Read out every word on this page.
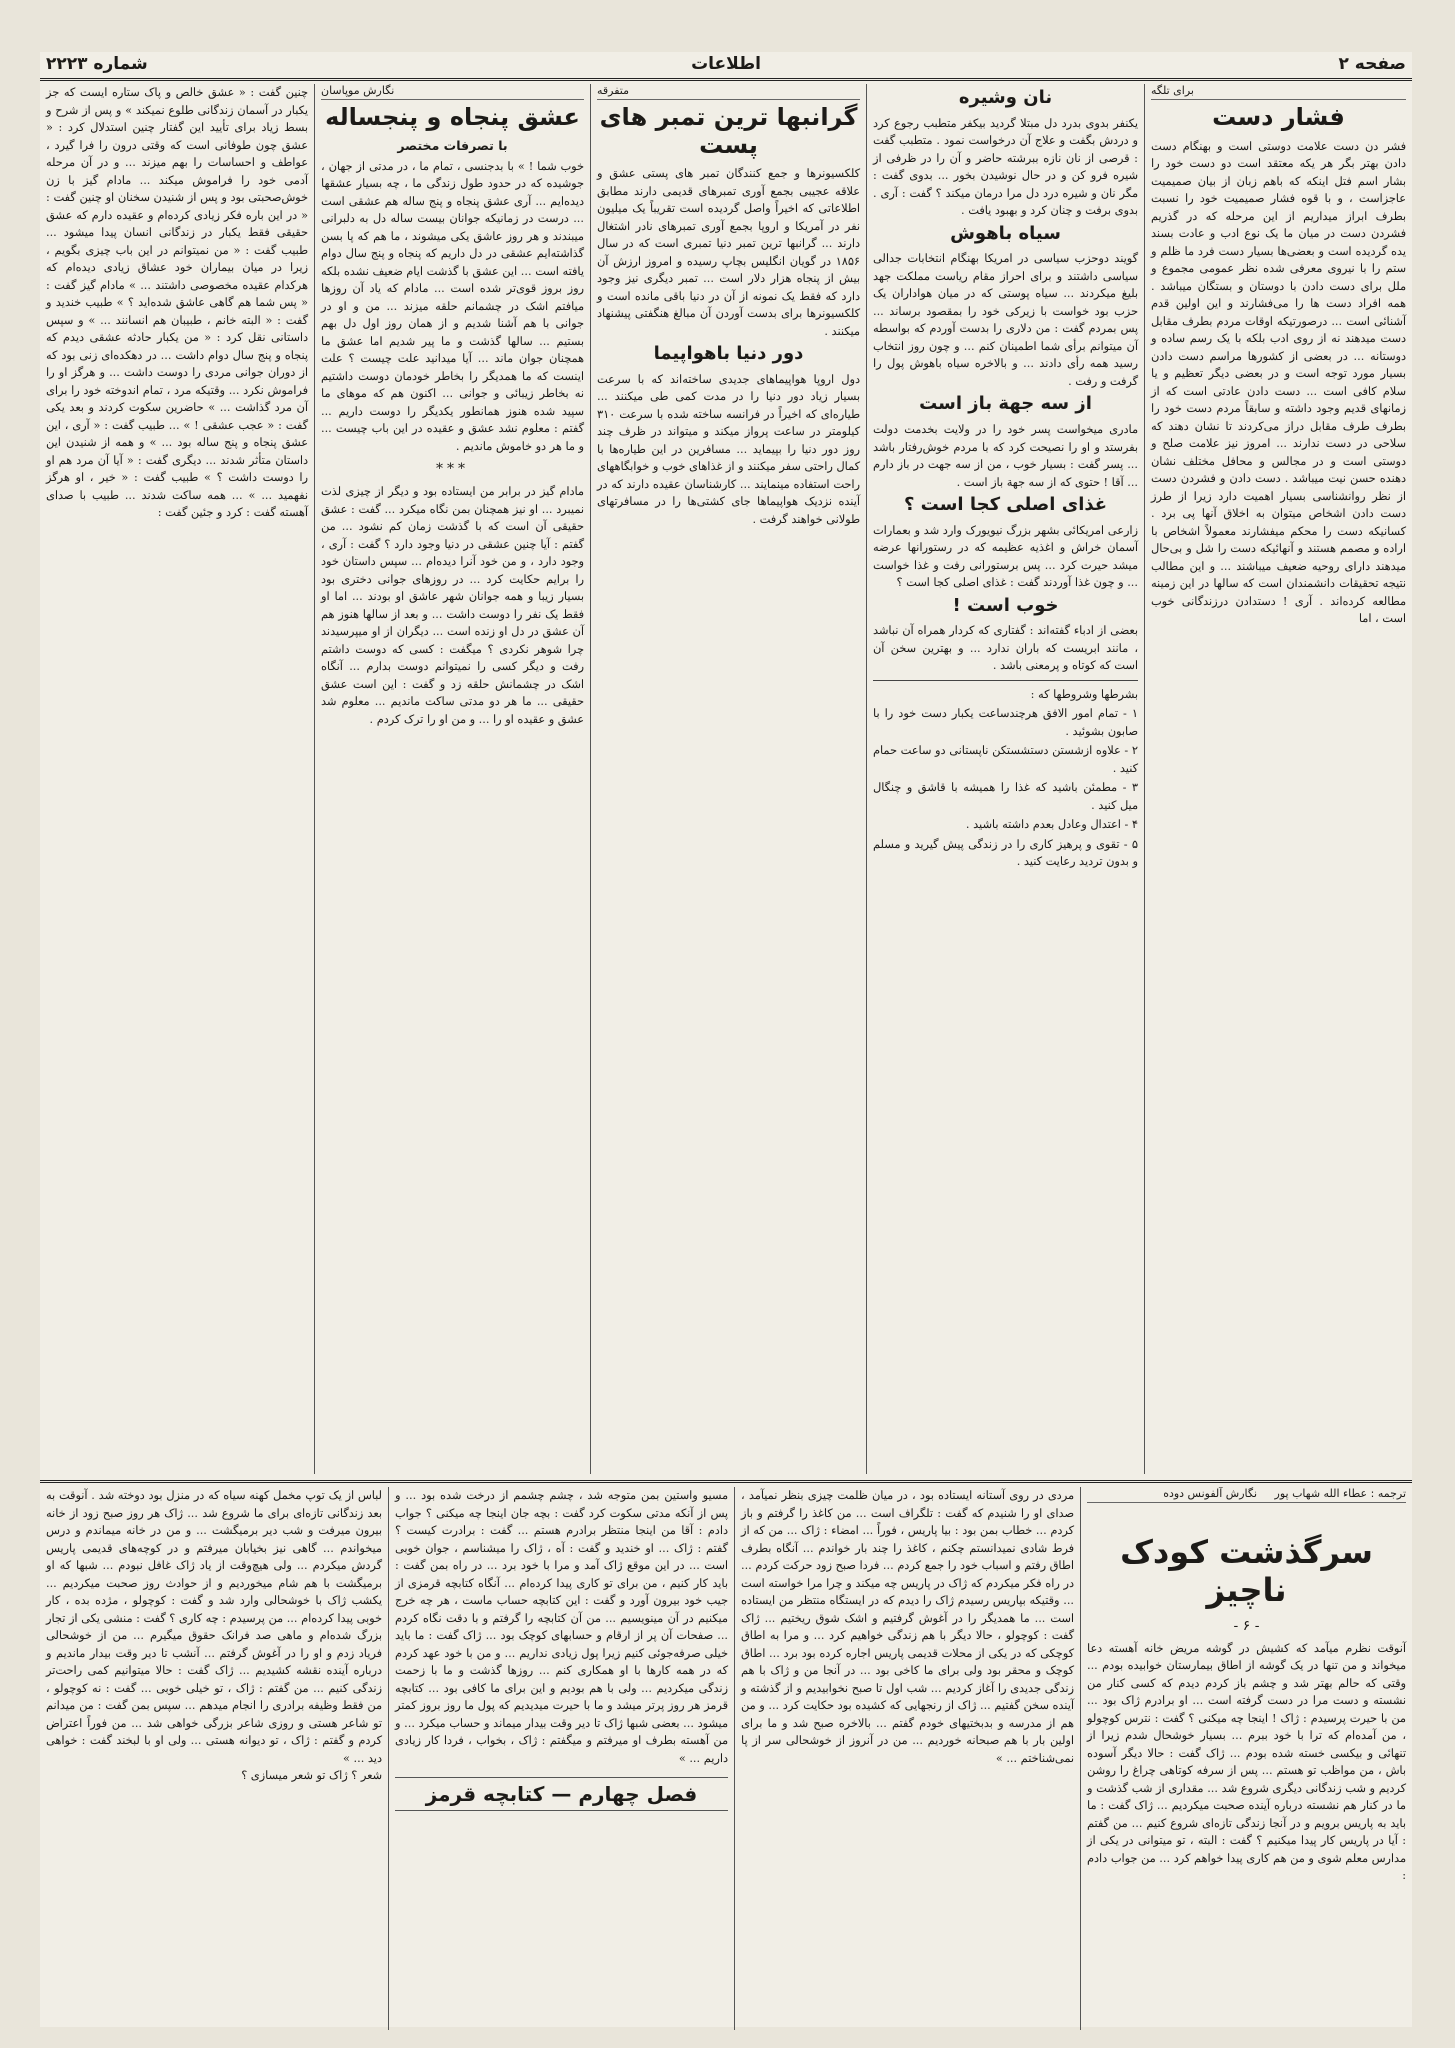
صفحه ۲
اطلاعات
شماره ۲۲۲۳
برای تلگه
فشار دست

فشر دن دست علامت دوستی است و بهنگام دست دادن بهتر بگر هر یکه معتقد است دو دست خود را بشار اسم فتل اینکه که باهم زبان از بیان صمیمیت عاجزاست ، و با قوه فشار صمیمیت خود را نسبت بطرف ابراز میداریم از این مرحله که در گذریم فشردن دست در میان ما یک نوع ادب و عادت بسند یده گردیده است و بعضی‌ها بسیار دست فرد ما ظلم و ستم را با نیروی معرفی شده نظر عمومی مجموع و ملل برای دست دادن با دوستان و بستگان میباشد . همه افراد دست ها را می‌فشارند و این اولین قدم آشنائی است ... درصورتیکه اوقات مردم بطرف مقابل دست میدهند نه از روی ادب بلکه با یک رسم ساده و دوستانه ... در بعضی از کشورها مراسم دست دادن بسیار مورد توجه است و در بعضی دیگر تعظیم و یا سلام کافی است ... دست دادن عادتی است که از زمانهای قدیم وجود داشته و سابقاً مردم دست خود را بطرف طرف مقابل دراز می‌کردند تا نشان دهند که سلاحی در دست ندارند ... امروز نیز علامت صلح و دوستی است و در مجالس و محافل مختلف نشان دهنده حسن نیت میباشد . دست دادن و فشردن دست از نظر روانشناسی بسیار اهمیت دارد زیرا از طرز دست دادن اشخاص میتوان به اخلاق آنها پی برد . کسانیکه دست را محکم میفشارند معمولاً اشخاص با اراده و مصمم هستند و آنهائیکه دست را شل و بی‌حال میدهند دارای روحیه ضعیف میباشند ... و این مطالب نتیجه تحقیقات دانشمندان است که سالها در این زمینه مطالعه کرده‌اند . آری ! دستدادن درزندگانی خوب است ، اما

نان وشیره

یکنفر بدوی بدرد دل مبتلا گردید بیکفر متطبب رجوع کرد و دردش بگفت و علاج آن درخواست نمود . متطبب گفت : قرصی از نان نازه ببرشته حاضر و آن را در ظرفی از شیره فرو کن و در حال نوشیدن بخور ... بدوی گفت : مگر نان و شیره درد دل مرا درمان میکند ؟ گفت : آری . بدوی برفت و چنان کرد و بهبود یافت .

سیاه باهوش

گویند دوحزب سیاسی در امریکا بهنگام انتخابات جدالی سیاسی داشتند و برای احراز مقام ریاست مملکت جهد بلیغ میکردند ... سیاه پوستی که در میان هواداران یک حزب بود خواست با زیرکی خود را بمقصود برساند ... پس بمردم گفت : من دلاری را بدست آوردم که بواسطه آن میتوانم برأی شما اطمینان کنم ... و چون روز انتخاب رسید همه رأی دادند ... و بالاخره سیاه باهوش پول را گرفت و رفت .

از سه جهة باز است

مادری میخواست پسر خود را در ولایت بخدمت دولت بفرستد و او را نصیحت کرد که با مردم خوش‌رفتار باشد ... پسر گفت : بسیار خوب ، من از سه جهت در باز دارم ... آقا ! حتوی که از سه جهة باز است .

غذای اصلی کجا است ؟

زارعی امریکائی بشهر بزرگ نیویورک وارد شد و بعمارات آسمان خراش و اغذیه عظیمه که در رستورانها عرضه میشد حیرت کرد ... پس برستورانی رفت و غذا خواست ... و چون غذا آوردند گفت : غذای اصلی کجا است ؟

خوب است !

بعضی از ادباء گفته‌اند : گفتاری که کردار همراه آن نباشد ، مانند ابریست که باران ندارد ... و بهترین سخن آن است که کوتاه و پرمعنی باشد .

بشرطها وشروطها که :

۱ - تمام امور الافق هرچندساعت یکبار دست خود را با صابون بشوئید .

۲ - علاوه ازشستن دستشستکن ناپستانی دو ساعت حمام کنید .

۳ - مطمئن باشید که غذا را همیشه با قاشق و چنگال میل کنید .

۴ - اعتدال وعادل بعدم داشته باشید .

۵ - تقوی و پرهیز کاری را در زندگی پیش گیرید و مسلم و بدون تردید رعایت کنید .

متفرقه
گرانبها ترین تمبر های پست

کلکسیونرها و جمع کنندگان تمبر های پستی عشق و علاقه عجیبی بجمع آوری تمبرهای قدیمی دارند مطابق اطلاعاتی که اخیراً واصل گردیده است تقریباً یک میلیون نفر در آمریکا و اروپا بجمع آوری تمبرهای نادر اشتغال دارند ... گرانبها ترین تمبر دنیا تمبری است که در سال ۱۸۵۶ در گویان انگلیس بچاپ رسیده و امروز ارزش آن بیش از پنجاه هزار دلار است ... تمبر دیگری نیز وجود دارد که فقط یک نمونه از آن در دنیا باقی مانده است و کلکسیونرها برای بدست آوردن آن مبالغ هنگفتی پیشنهاد میکنند .

دور دنیا باهواپیما

دول اروپا هواپیماهای جدیدی ساخته‌اند که با سرعت بسیار زیاد دور دنیا را در مدت کمی طی میکنند ... طیاره‌ای که اخیراً در فرانسه ساخته شده با سرعت ۳۱۰ کیلومتر در ساعت پرواز میکند و میتواند در ظرف چند روز دور دنیا را بپیماید ... مسافرین در این طیاره‌ها با کمال راحتی سفر میکنند و از غذاهای خوب و خوابگاههای راحت استفاده مینمایند ... کارشناسان عقیده دارند که در آینده نزدیک هواپیماها جای کشتی‌ها را در مسافرتهای طولانی خواهند گرفت .

نگارش موپاسان
عشق پنجاه و پنجساله
با تصرفات مختصر

خوب شما ! » با بدجنسی ، تمام ما ، در مدتی از جهان ، جوشیده که در حدود طول زندگی ما ، چه بسیار عشقها دیده‌ایم ... آری عشق پنجاه و پنج ساله هم عشقی است ... درست در زمانیکه جوانان بیست ساله دل به دلبرانی میبندند و هر روز عاشق یکی میشوند ، ما هم که پا بسن گذاشته‌ایم عشقی در دل داریم که پنجاه و پنج سال دوام یافته است ... این عشق با گذشت ایام ضعیف نشده بلکه روز بروز قوی‌تر شده است ... مادام که یاد آن روزها میافتم اشک در چشمانم حلقه میزند ... من و او در جوانی با هم آشنا شدیم و از همان روز اول دل بهم بستیم ... سالها گذشت و ما پیر شدیم اما عشق ما همچنان جوان ماند ... آیا میدانید علت چیست ؟ علت اینست که ما همدیگر را بخاطر خودمان دوست داشتیم نه بخاطر زیبائی و جوانی ... اکنون هم که موهای ما سپید شده هنوز همانطور یکدیگر را دوست داریم ... گفتم : معلوم نشد عشق و عقیده در این باب چیست ... و ما هر دو خاموش ماندیم .

***

مادام گیز در برابر من ایستاده بود و دیگر از چیزی لذت نمیبرد ... او نیز همچنان بمن نگاه میکرد ... گفت : عشق حقیقی آن است که با گذشت زمان کم نشود ... من گفتم : آیا چنین عشقی در دنیا وجود دارد ؟ گفت : آری ، وجود دارد ، و من خود آنرا دیده‌ام ... سپس داستان خود را برایم حکایت کرد ... در روزهای جوانی دختری بود بسیار زیبا و همه جوانان شهر عاشق او بودند ... اما او فقط یک نفر را دوست داشت ... و بعد از سالها هنوز هم آن عشق در دل او زنده است ... دیگران از او میپرسیدند چرا شوهر نکردی ؟ میگفت : کسی که دوست داشتم رفت و دیگر کسی را نمیتوانم دوست بدارم ... آنگاه اشک در چشمانش حلقه زد و گفت : این است عشق حقیقی ... ما هر دو مدتی ساکت ماندیم ... معلوم شد عشق و عقیده او را ... و من او را ترک کردم .

چنین گفت : « عشق خالص و پاک ستاره ایست که جز یکبار در آسمان زندگانی طلوع نمیکند » و پس از شرح و بسط زیاد برای تأیید این گفتار چنین استدلال کرد : « عشق چون طوفانی است که وقتی درون را فرا گیرد ، عواطف و احساسات را بهم میزند ... و در آن مرحله آدمی خود را فراموش میکند ... مادام گیز با زن خوش‌صحبتی بود و پس از شنیدن سخنان او چنین گفت : « در این باره فکر زیادی کرده‌ام و عقیده دارم که عشق حقیقی فقط یکبار در زندگانی انسان پیدا میشود ... طبیب گفت : « من نمیتوانم در این باب چیزی بگویم ، زیرا در میان بیماران خود عشاق زیادی دیده‌ام که هرکدام عقیده مخصوصی داشتند ... » مادام گیز گفت : « پس شما هم گاهی عاشق شده‌اید ؟ » طبیب خندید و گفت : « البته خانم ، طبیبان هم انسانند ... » و سپس داستانی نقل کرد : « من یکبار حادثه عشقی دیدم که پنجاه و پنج سال دوام داشت ... در دهکده‌ای زنی بود که از دوران جوانی مردی را دوست داشت ... و هرگز او را فراموش نکرد ... وقتیکه مرد ، تمام اندوخته خود را برای آن مرد گذاشت ... » حاضرین سکوت کردند و بعد یکی گفت : « عجب عشقی ! » ... طبیب گفت : « آری ، این عشق پنجاه و پنج ساله بود ... » و همه از شنیدن این داستان متأثر شدند ... دیگری گفت : « آیا آن مرد هم او را دوست داشت ؟ » طبیب گفت : « خیر ، او هرگز نفهمید ... » ... همه ساکت شدند ... طبیب با صدای آهسته گفت : کرد و جئین گفت :

ترجمه : عطاء الله شهاب پور     نگارش آلفونس دوده
سرگذشت کودک ناچیز
- ۶ -

آنوقت نظرم میآمد که کشیش در گوشه مریض خانه آهسته دعا میخواند و من تنها در یک گوشه از اطاق بیمارستان خوابیده بودم ... وقتی که حالم بهتر شد و چشم باز کردم دیدم که کسی کنار من نشسته و دست مرا در دست گرفته است ... او برادرم ژاک بود ... من با حیرت پرسیدم : ژاک ! اینجا چه میکنی ؟ گفت : نترس کوچولو ، من آمده‌ام که ترا با خود ببرم ... بسیار خوشحال شدم زیرا از تنهائی و بیکسی خسته شده بودم ... ژاک گفت : حالا دیگر آسوده باش ، من مواظب تو هستم ... پس از سرفه کوتاهی چراغ را روشن کردیم و شب زندگانی دیگری شروع شد ... مقداری از شب گذشت و ما در کنار هم نشسته درباره آینده صحبت میکردیم ... ژاک گفت : ما باید به پاریس برویم و در آنجا زندگی تازه‌ای شروع کنیم ... من گفتم : آیا در پاریس کار پیدا میکنیم ؟ گفت : البته ، تو میتوانی در یکی از مدارس معلم شوی و من هم کاری پیدا خواهم کرد ... من جواب دادم :

مردی در روی آستانه ایستاده بود ، در میان ظلمت چیزی بنظر نمیآمد ، صدای او را شنیدم که گفت : تلگراف است ... من کاغذ را گرفتم و باز کردم ... خطاب بمن بود : بیا پاریس ، فوراً ... امضاء : ژاک ... من که از فرط شادی نمیدانستم چکنم ، کاغذ را چند بار خواندم ... آنگاه بطرف اطاق رفتم و اسباب خود را جمع کردم ... فردا صبح زود حرکت کردم ... در راه فکر میکردم که ژاک در پاریس چه میکند و چرا مرا خواسته است ... وقتیکه بپاریس رسیدم ژاک را دیدم که در ایستگاه منتظر من ایستاده است ... ما همدیگر را در آغوش گرفتیم و اشک شوق ریختیم ... ژاک گفت : کوچولو ، حالا دیگر با هم زندگی خواهیم کرد ... و مرا به اطاق کوچکی که در یکی از محلات قدیمی پاریس اجاره کرده بود برد ... اطاق کوچک و محقر بود ولی برای ما کاخی بود ... در آنجا من و ژاک با هم زندگی جدیدی را آغاز کردیم ... شب اول تا صبح نخوابیدیم و از گذشته و آینده سخن گفتیم ... ژاک از رنجهایی که کشیده بود حکایت کرد ... و من هم از مدرسه و بدبختیهای خودم گفتم ... بالاخره صبح شد و ما برای اولین بار با هم صبحانه خوردیم ... من در آنروز از خوشحالی سر از پا نمی‌شناختم ... »

مسیو واستین بمن متوجه شد ، چشم چشمم از درخت شده‌ بود ... و پس از آنکه مدتی سکوت کرد گفت : بچه جان اینجا چه میکنی ؟ جواب دادم : آقا من اینجا منتظر برادرم هستم ... گفت : برادرت کیست ؟ گفتم : ژاک ... او خندید و گفت : آه ، ژاک را میشناسم ، جوان خوبی است ... در این موقع ژاک آمد و مرا با خود برد ... در راه بمن گفت : باید کار کنیم ، من برای تو کاری پیدا کرده‌ام ... آنگاه کتابچه قرمزی از جیب خود بیرون آورد و گفت : این کتابچه حساب ماست ، هر چه خرج میکنیم در آن مینویسیم ... من آن کتابچه را گرفتم و با دقت نگاه کردم ... صفحات آن پر از ارقام و حسابهای کوچک بود ... ژاک گفت : ما باید خیلی صرفه‌جوئی کنیم زیرا پول زیادی نداریم ... و من با خود عهد کردم که در همه کارها با او همکاری کنم ... روزها گذشت و ما با زحمت زندگی میکردیم ... ولی با هم بودیم و این برای ما کافی بود ... کتابچه قرمز هر روز پرتر میشد و ما با حیرت میدیدیم که پول ما روز بروز کمتر میشود ... بعضی شبها ژاک تا دیر وقت بیدار میماند و حساب میکرد ... و من آهسته بطرف او میرفتم و میگفتم : ژاک ، بخواب ، فردا کار زیادی داریم ... »

فصل چهارم — کتابچه قرمز

لباس از یک توپ مخمل کهنه سیاه که در منزل بود دوخته شد . آنوقت به بعد زندگانی تازه‌ای برای ما شروع شد ... ژاک هر روز صبح زود از خانه بیرون میرفت و شب دیر برمیگشت ... و من در خانه میماندم و درس میخواندم ... گاهی نیز بخیابان میرفتم و در کوچه‌های قدیمی پاریس گردش میکردم ... ولی هیچ‌وقت از یاد ژاک غافل نبودم ... شبها که او برمیگشت با هم شام میخوردیم و از حوادث روز صحبت میکردیم ... یکشب ژاک با خوشحالی وارد شد و گفت : کوچولو ، مژده بده ، کار خوبی پیدا کرده‌ام ... من پرسیدم : چه کاری ؟ گفت : منشی یکی از تجار بزرگ شده‌ام و ماهی صد فرانک حقوق میگیرم ... من از خوشحالی فریاد زدم و او را در آغوش گرفتم ... آنشب تا دیر وقت بیدار ماندیم و درباره آینده نقشه کشیدیم ... ژاک گفت : حالا میتوانیم کمی راحت‌تر زندگی کنیم ... من گفتم : ژاک ، تو خیلی خوبی ... گفت : نه کوچولو ، من فقط وظیفه برادری را انجام میدهم ... سپس بمن گفت : من میدانم تو شاعر هستی و روزی شاعر بزرگی خواهی شد ... من فوراً اعتراض کردم و گفتم : ژاک ، تو دیوانه هستی ... ولی او با لبخند گفت : خواهی دید ... »

شعر ؟ ژاک تو شعر میسازی ؟
